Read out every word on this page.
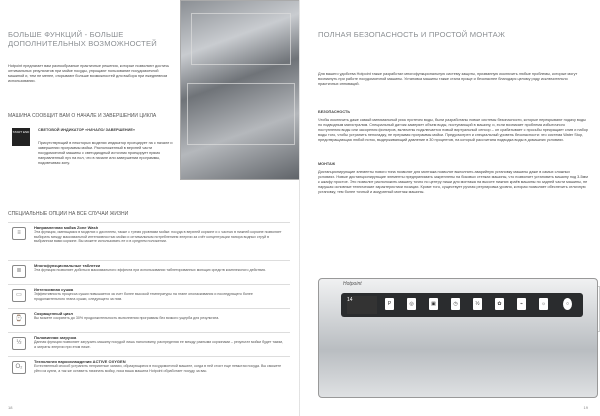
БОЛЬШЕ ФУНКЦИЙ - БОЛЬШЕ ДОПОЛНИТЕЛЬНЫХ ВОЗМОЖНОСТЕЙ
Hotpoint предлагает вам разнообразные практичные решения, которые позволяют достичь оптимальных результатов при мойке посуды, упрощают пользование посудомоечной машиной и, тем не менее, открывают больше возможностей для выбора при ежедневном использовании.
МАШИНА СООБЩИТ ВАМ О НАЧАЛЕ И ЗАВЕРШЕНИИ ЦИКЛА
START END СВЕТОВОЙ ИНДИКАТОР «НАЧАЛО/ ЗАВЕРШЕНИЕ»
Присутствующий в некоторых моделях индикатор проецирует на с начале и завершении программы мойки. Расположенный в верхней части посудомоечной машины с светодиодный источник проецирует прямо направленный луч на пол, что в начале или завершении программы, подсвечивая зону.
СПЕЦИАЛЬНЫЕ ОПЦИИ НА ВСЕ СЛУЧАИ ЖИЗНИ
≡
Направленная мойка Zone Wash
Эта функция, имеющаяся в моделях с дисплеем, также с тремя уровнями мойки: посуда в верхней корзине и с частью в нижней корзине позволяет выбирать между максимальной интенсивностью мойки и оптимальным потреблением энергии за счёт концентрации напора водных струй в выбранном вами корзине. Вы можете использовать ее и в среднем положении.
≣
Многофункциональные таблетки
Эта функция позволяет добиться максимального эффекта при использовании таблетированных моющих средств комплексного действия.
▭
Интенсивная сушка
Эффективность процесса сушки повышается за счет более высокой температуры на этапе ополаскивания и последующего более продолжительного этапа сушки, следующего за ним.
⌚
Сокращенный цикл
Вы можете сократить до 30% продолжительность выполнения программы без всякого ущерба для результата.
½
Половинная загрузка
Данная функция позволяет загрузить машину посудой лишь наполовину, распределяя ее между разными корзинами – результат мойки будет таким, а затраты энергии при этом ниже.
O₂
Технология пароохлаждения ACTIVE OXYGEN
Естественный способ устранить неприятные запахи, образующиеся в посудомоечной машине, когда в ней стоит еще немытая посуда. Вы сможете уйти из кухни, а так же оставить начинать мойку, пока ваша машина Hotpoint обработает посуду за вас.
18
ПОЛНАЯ БЕЗОПАСНОСТЬ И ПРОСТОЙ МОНТАЖ
Для вашего удобства Hotpoint также разработал многофункциональную систему защиты, призванную исключить любые проблемы, которые могут возникнуть при работе посудомоечной машины. Установка машины также стала проще и безопаснее благодаря целому ряду исключительно практичных инноваций.
БЕЗОПАСНОСТЬ
Чтобы исключить даже самый минимальный риск протечек воды, были разработаны новые системы безопасности, которые перекрывают подачу воды по подводным магистралям. Специальный датчик замеряет объем воды, поступающий в машину, и, если возникает проблема избыточного поступления воды или засорения фильтров, включены подключается новый виртуальный сенсор – он срабатывает с просьбы прекращает слив и набор воды того, чтобы устранить неполадку, не прерывая программы мойки. Предусмотрен и специальный уровень безопасности: это система Water Stop, предотвращающая любой поток, выдерживающий давление в 30 процентов, на который рассчитана подводка воды в домашних условиях.
МОНТАЖ
Дистанционирующие элементы нового типа позволят для монтажа позволят выполнить аварийную установку машины даже в самых сложных условиях. Новые дистанционирующие элементы предпринимать закреплены на боковых стенках машины, что позволяет установить машину под 3-5мм к шкафу простое. Это позволит расположить машину точно по центру ниши для монтажа на высоте нижних краёв машины по задней части машины, не нарушая основные технические характеристики позиции. Кроме того, существует ручная регулировка уровня, которая позволяет обеспечить отличную установку, тем более точный и аккуратный монтаж машины.
19
Hotpoint
14
P	◎	▣	◷	½	✿	⌁	☼	○
